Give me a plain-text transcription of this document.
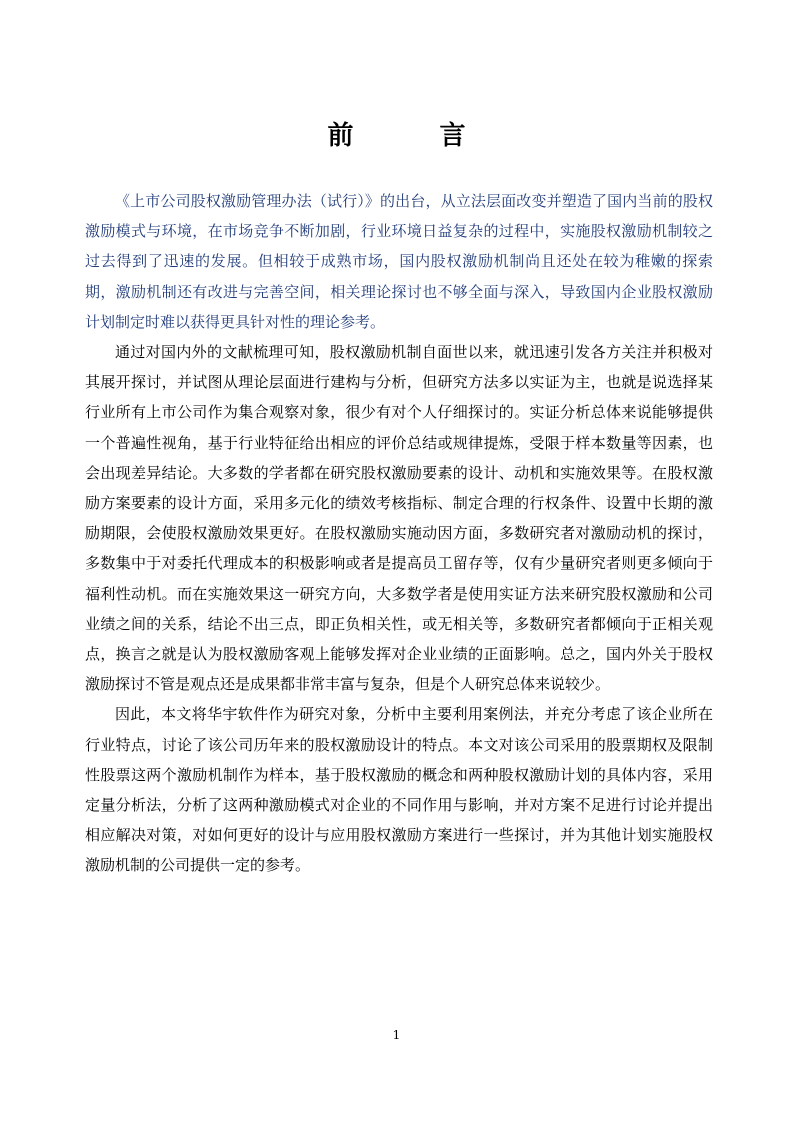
前　言

《上市公司股权激励管理办法（试行）》的出台，从立法层面改变并塑造了国内当前的股权激励模式与环境，在市场竞争不断加剧，行业环境日益复杂的过程中，实施股权激励机制较之过去得到了迅速的发展。但相较于成熟市场，国内股权激励机制尚且还处在较为稚嫩的探索期，激励机制还有改进与完善空间，相关理论探讨也不够全面与深入，导致国内企业股权激励计划制定时难以获得更具针对性的理论参考。

通过对国内外的文献梳理可知，股权激励机制自面世以来，就迅速引发各方关注并积极对其展开探讨，并试图从理论层面进行建构与分析，但研究方法多以实证为主，也就是说选择某行业所有上市公司作为集合观察对象，很少有对个人仔细探讨的。实证分析总体来说能够提供一个普遍性视角，基于行业特征给出相应的评价总结或规律提炼，受限于样本数量等因素，也会出现差异结论。大多数的学者都在研究股权激励要素的设计、动机和实施效果等。在股权激励方案要素的设计方面，采用多元化的绩效考核指标、制定合理的行权条件、设置中长期的激励期限，会使股权激励效果更好。在股权激励实施动因方面，多数研究者对激励动机的探讨，多数集中于对委托代理成本的积极影响或者是提高员工留存等，仅有少量研究者则更多倾向于福利性动机。而在实施效果这一研究方向，大多数学者是使用实证方法来研究股权激励和公司业绩之间的关系，结论不出三点，即正负相关性，或无相关等，多数研究者都倾向于正相关观点，换言之就是认为股权激励客观上能够发挥对企业业绩的正面影响。总之，国内外关于股权激励探讨不管是观点还是成果都非常丰富与复杂，但是个人研究总体来说较少。

因此，本文将华宇软件作为研究对象，分析中主要利用案例法，并充分考虑了该企业所在行业特点，讨论了该公司历年来的股权激励设计的特点。本文对该公司采用的股票期权及限制性股票这两个激励机制作为样本，基于股权激励的概念和两种股权激励计划的具体内容，采用定量分析法，分析了这两种激励模式对企业的不同作用与影响，并对方案不足进行讨论并提出相应解决对策，对如何更好的设计与应用股权激励方案进行一些探讨，并为其他计划实施股权激励机制的公司提供一定的参考。

1
